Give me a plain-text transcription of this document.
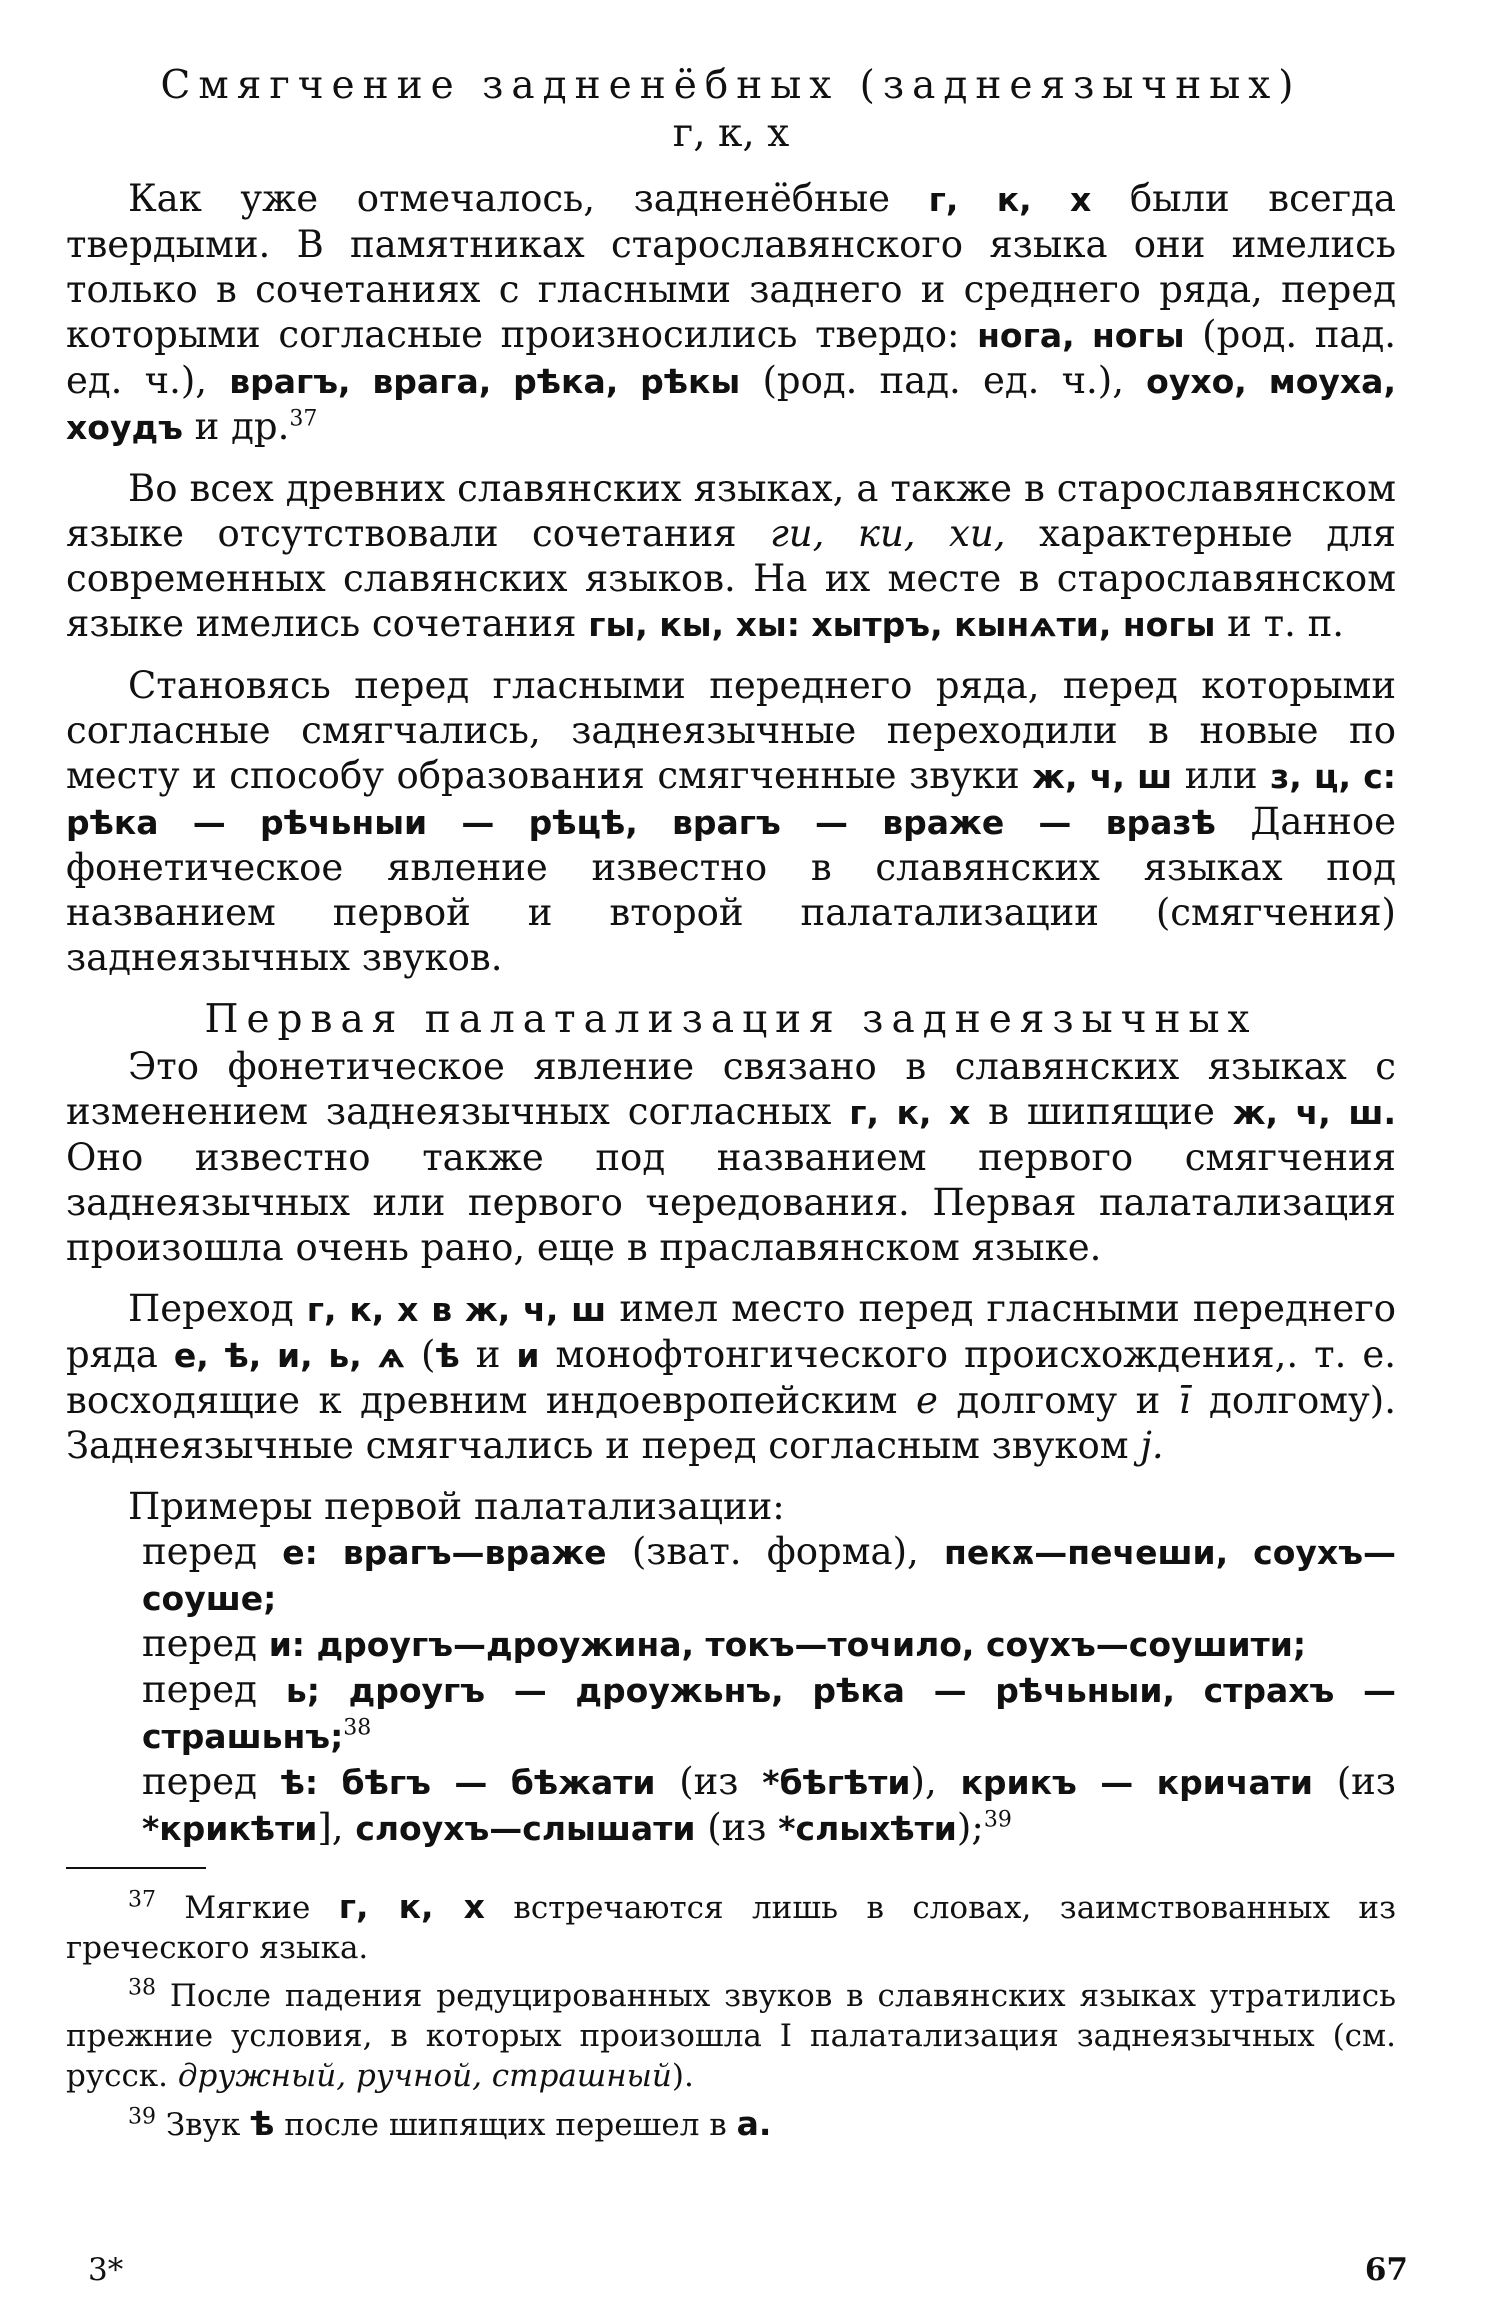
Смягчение задненёбных (заднеязычных)
г, к, х

Как уже отмечалось, задненёбные г, к, х были всегда твердыми. В памятниках старославянского языка они имелись только в сочетаниях с гласными заднего и среднего ряда, перед которыми согласные произносились твердо: нога, ногы (род. пад. ед. ч.), врагъ, врага, рѣка, рѣкы (род. пад. ед. ч.), оухо, моуха, хоудъ и др.$^{37}$

Во всех древних славянских языках, а также в старославянском языке отсутствовали сочетания ги, ки, хи, характерные для современных славянских языков. На их месте в старославянском языке имелись сочетания гы, кы, хы: хытръ, кынѧти, ногы и т. п.

Становясь перед гласными переднего ряда, перед которыми согласные смягчались, заднеязычные переходили в новые по месту и способу образования смягченные звуки ж, ч, ш или з, ц, с: рѣка — рѣчьныи — рѣцѣ, врагъ — враже — вразѣ Данное фонетическое явление известно в славянских языках под названием первой и второй палатализации (смягчения) заднеязычных звуков.

Первая палатализация заднеязычных

Это фонетическое явление связано в славянских языках с изменением заднеязычных согласных г, к, х в шипящие ж, ч, ш. Оно известно также под названием первого смягчения заднеязычных или первого чередования. Первая палатализация произошла очень рано, еще в праславянском языке.

Переход г, к, х в ж, ч, ш имел место перед гласными переднего ряда е, ѣ, и, ь, ѧ (ѣ и и монофтонгического происхождения,. т. е. восходящие к древним индоевропейским е долгому и ī долгому). Заднеязычные смягчались и перед согласным звуком j.

Примеры первой палатализации:

перед е: врагъ—враже (зват. форма), пекѫ—печеши, соухъ—соуше;

перед и: дроугъ—дроужина, токъ—точило, соухъ—соушити;

перед ь; дроугъ — дроужьнъ, рѣка — рѣчьныи, страхъ — страшьнъ;$^{38}$

перед ѣ: бѣгъ — бѣжати (из *бѣгѣти), крикъ — кричати (из *крикѣти], слоухъ—слышати (из *слыхѣти);$^{39}$

$^{37}$ Мягкие г, к, х встречаются лишь в словах, заимствованных из греческого языка.

$^{38}$ После падения редуцированных звуков в славянских языках утратились прежние условия, в которых произошла I палатализация заднеязычных (см. русск. дружный, ручной, страшный).

$^{39}$ Звук ѣ после шипящих перешел в а.

3*	67
